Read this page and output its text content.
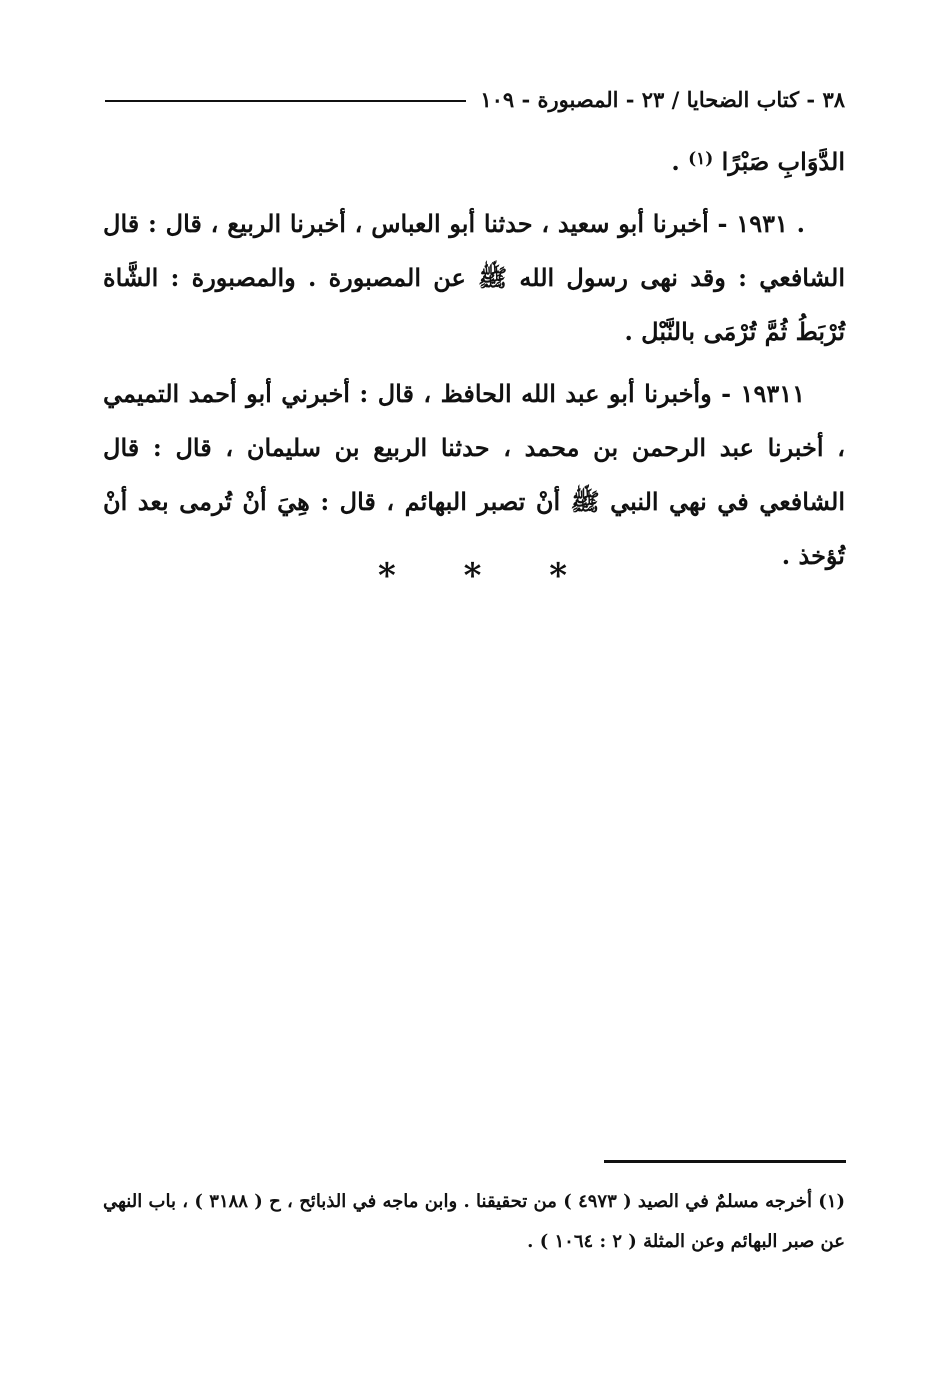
٣٨ - كتاب الضحايا / ٢٣ - المصبورة - ١٠٩

الدَّوَابِ صَبْرًا $^{(١)}$ .

. ١٩٣١ - أخبرنا أبو سعيد ، حدثنا أبو العباس ، أخبرنا الربيع ، قال : قال الشافعي : وقد نهى رسول الله ﷺ عن المصبورة . والمصبورة : الشَّاة تُرْبَطُ ثُمَّ تُرْمَى بالنَّبْل .

١٩٣١١ - وأخبرنا أبو عبد الله الحافظ ، قال : أخبرني أبو أحمد التميمي ، أخبرنا عبد الرحمن بن محمد ، حدثنا الربيع بن سليمان ، قال : قال الشافعي في نهي النبي ﷺ أنْ تصبر البهائم ، قال : هِيَ أنْ تُرمى بعد أنْ تُؤخذ .

* * *

(١) أخرجه مسلمٌ في الصيد ( ٤٩٧٣ ) من تحقيقنا . وابن ماجه في الذبائح ، ح ( ٣١٨٨ ) ، باب النهي عن صبر البهائم وعن المثلة ( ٢ : ١٠٦٤ ) .
